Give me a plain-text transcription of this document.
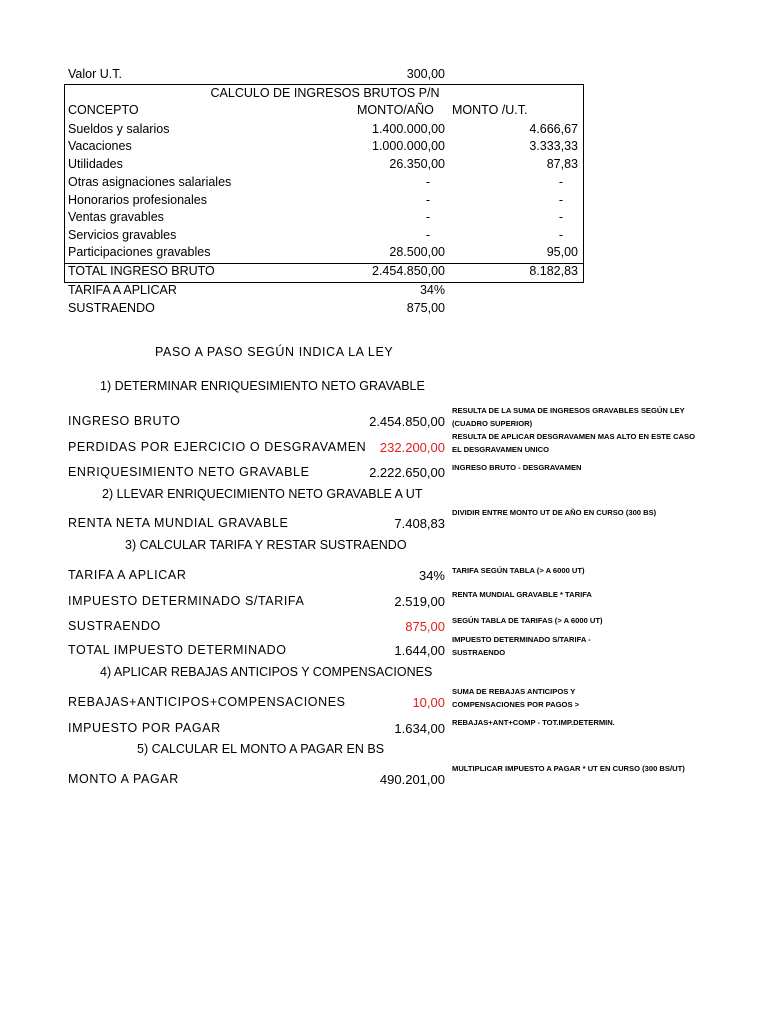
Valor U.T.	300,00
CALCULO DE INGRESOS BRUTOS P/N
CONCEPTO	MONTO/AÑO MONTO /U.T.
Sueldos y salarios	1.400.000,00	4.666,67
Vacaciones	1.000.000,00	3.333,33
Utilidades	26.350,00	87,83
Otras asignaciones salariales	-	-
Honorarios profesionales	-	-
Ventas gravables	-	-
Servicios gravables	-	-
Participaciones gravables	28.500,00	95,00
TOTAL INGRESO BRUTO	2.454.850,00	8.182,83
TARIFA A APLICAR	34%
SUSTRAENDO	875,00
PASO A PASO SEGÚN INDICA LA LEY
1) DETERMINAR ENRIQUESIMIENTO NETO GRAVABLE
INGRESO BRUTO	2.454.850,00
RESULTA DE LA SUMA DE INGRESOS GRAVABLES SEGÚN LEY (CUADRO SUPERIOR)
PERDIDAS POR EJERCICIO O DESGRAVAMEN	232.200,00
RESULTA DE APLICAR DESGRAVAMEN MAS ALTO EN ESTE CASO EL DESGRAVAMEN UNICO
ENRIQUESIMIENTO NETO GRAVABLE	2.222.650,00 INGRESO BRUTO - DESGRAVAMEN
2) LLEVAR ENRIQUECIMIENTO NETO GRAVABLE A UT
RENTA NETA MUNDIAL GRAVABLE	7.408,83
DIVIDIR ENTRE MONTO UT DE AÑO EN CURSO (300 BS)
3) CALCULAR TARIFA Y RESTAR SUSTRAENDO
TARIFA A APLICAR	34% TARIFA SEGÚN TABLA (> A 6000 UT)
IMPUESTO DETERMINADO S/TARIFA	2.519,00 RENTA MUNDIAL GRAVABLE * TARIFA
SUSTRAENDO	875,00 SEGÚN TABLA DE TARIFAS (> A 6000 UT)
TOTAL IMPUESTO DETERMINADO	1.644,00
IMPUESTO DETERMINADO S/TARIFA - SUSTRAENDO
4) APLICAR REBAJAS ANTICIPOS Y COMPENSACIONES
REBAJAS+ANTICIPOS+COMPENSACIONES	10,00
SUMA DE REBAJAS ANTICIPOS Y COMPENSACIONES POR PAGOS >
IMPUESTO POR PAGAR	1.634,00 REBAJAS+ANT+COMP - TOT.IMP.DETERMIN.
5) CALCULAR EL MONTO A PAGAR EN BS
MONTO A PAGAR	490.201,00
MULTIPLICAR IMPUESTO A PAGAR * UT EN CURSO (300 BS/UT)
